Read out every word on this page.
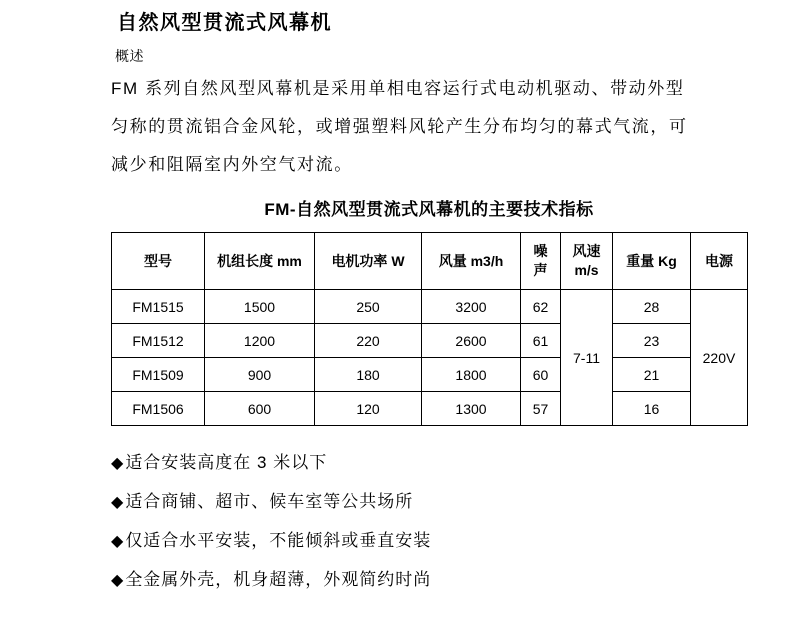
自然风型贯流式风幕机
概述

FM 系列自然风型风幕机是采用单相电容运行式电动机驱动、带动外型匀称的贯流铝合金风轮，或增强塑料风轮产生分布均匀的幕式气流，可减少和阻隔室内外空气对流。

FM-自然风型贯流式风幕机的主要技术指标
型号	机组长度 mm	电机功率 W	风量 m3/h	噪声	风速 m/s	重量 Kg	电源
FM1515	1500	250	3200	62	7-11	28	220V
FM1512	1200	220	2600	61		23	
FM1509	900	180	1800	60		21	
FM1506	600	120	1300	57		16	
◆适合安装高度在 3 米以下
◆适合商铺、超市、候车室等公共场所
◆仅适合水平安装，不能倾斜或垂直安装
◆全金属外壳，机身超薄，外观简约时尚
